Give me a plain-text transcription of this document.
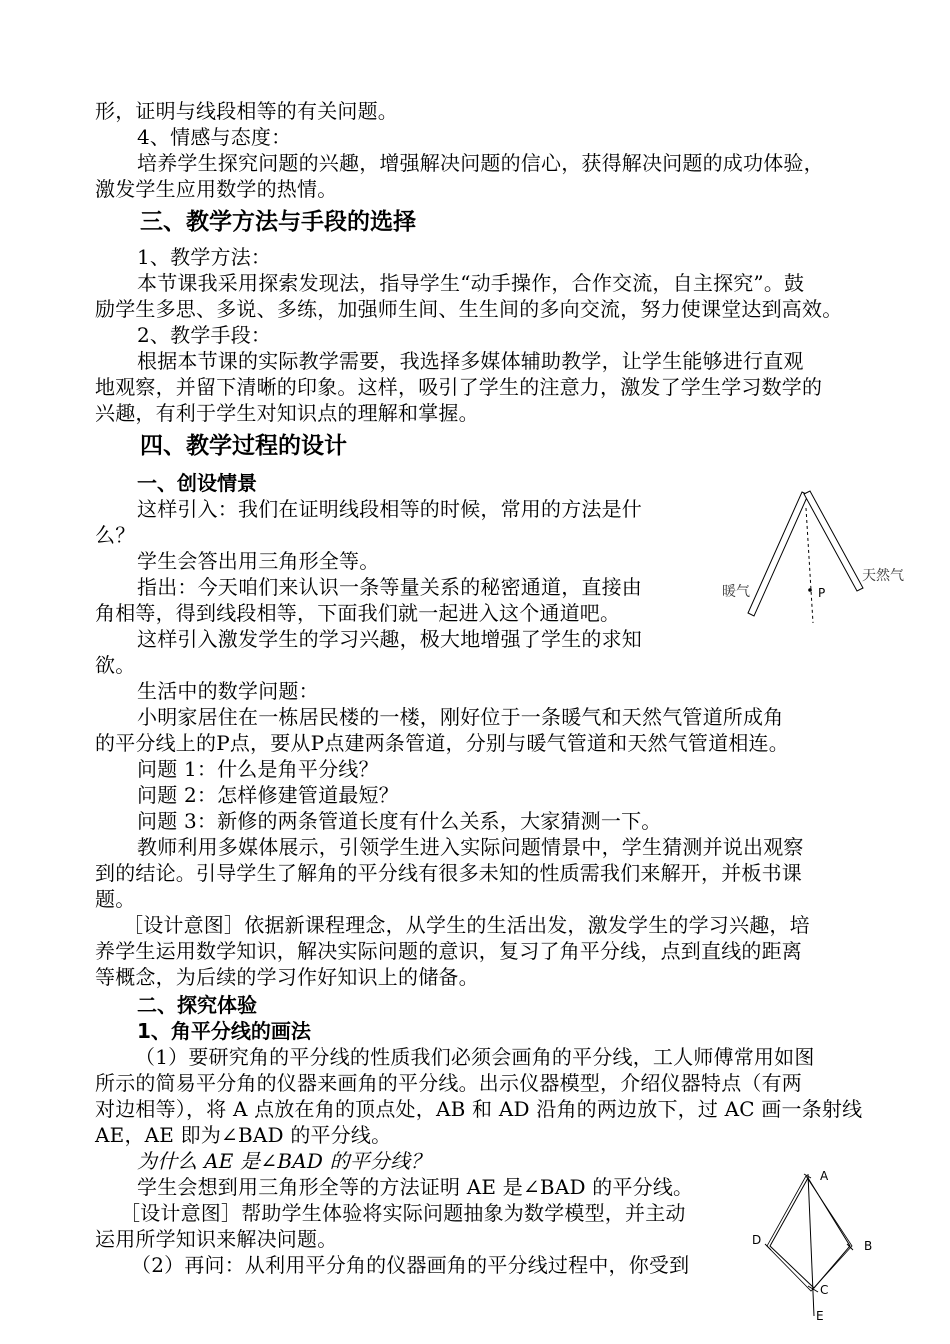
形，证明与线段相等的有关问题。
4、情感与态度：
培养学生探究问题的兴趣，增强解决问题的信心，获得解决问题的成功体验，
激发学生应用数学的热情。
三、教学方法与手段的选择
1、教学方法：
本节课我采用探索发现法，指导学生“动手操作，合作交流，自主探究”。鼓
励学生多思、多说、多练，加强师生间、生生间的多向交流，努力使课堂达到高效。
2、教学手段：
根据本节课的实际教学需要，我选择多媒体辅助教学，让学生能够进行直观
地观察，并留下清晰的印象。这样，吸引了学生的注意力，激发了学生学习数学的
兴趣，有利于学生对知识点的理解和掌握。
四、教学过程的设计
一、创设情景
这样引入：我们在证明线段相等的时候，常用的方法是什
么？
学生会答出用三角形全等。
指出：今天咱们来认识一条等量关系的秘密通道，直接由
角相等，得到线段相等，下面我们就一起进入这个通道吧。
这样引入激发学生的学习兴趣，极大地增强了学生的求知
欲。
生活中的数学问题：
小明家居住在一栋居民楼的一楼，刚好位于一条暖气和天然气管道所成角
的平分线上的P点，要从P点建两条管道，分别与暖气管道和天然气管道相连。
问题 1：什么是角平分线？
问题 2：怎样修建管道最短？
问题 3：新修的两条管道长度有什么关系，大家猜测一下。
教师利用多媒体展示，引领学生进入实际问题情景中，学生猜测并说出观察
到的结论。引导学生了解角的平分线有很多未知的性质需我们来解开，并板书课
题。
［设计意图］依据新课程理念，从学生的生活出发，激发学生的学习兴趣，培
养学生运用数学知识，解决实际问题的意识，复习了角平分线，点到直线的距离
等概念，为后续的学习作好知识上的储备。
二、探究体验
1、角平分线的画法
（1）要研究角的平分线的性质我们必须会画角的平分线，工人师傅常用如图
所示的简易平分角的仪器来画角的平分线。出示仪器模型，介绍仪器特点（有两
对边相等），将 A 点放在角的顶点处，AB 和 AD 沿角的两边放下，过 AC 画一条射线
AE，AE 即为∠BAD 的平分线。
为什么 AE 是∠BAD 的平分线？
学生会想到用三角形全等的方法证明 AE 是∠BAD 的平分线。
［设计意图］帮助学生体验将实际问题抽象为数学模型，并主动
运用所学知识来解决问题。
（2）再问：从利用平分角的仪器画角的平分线过程中，你受到
P
暖气
天然气
A
B
C
D
E
